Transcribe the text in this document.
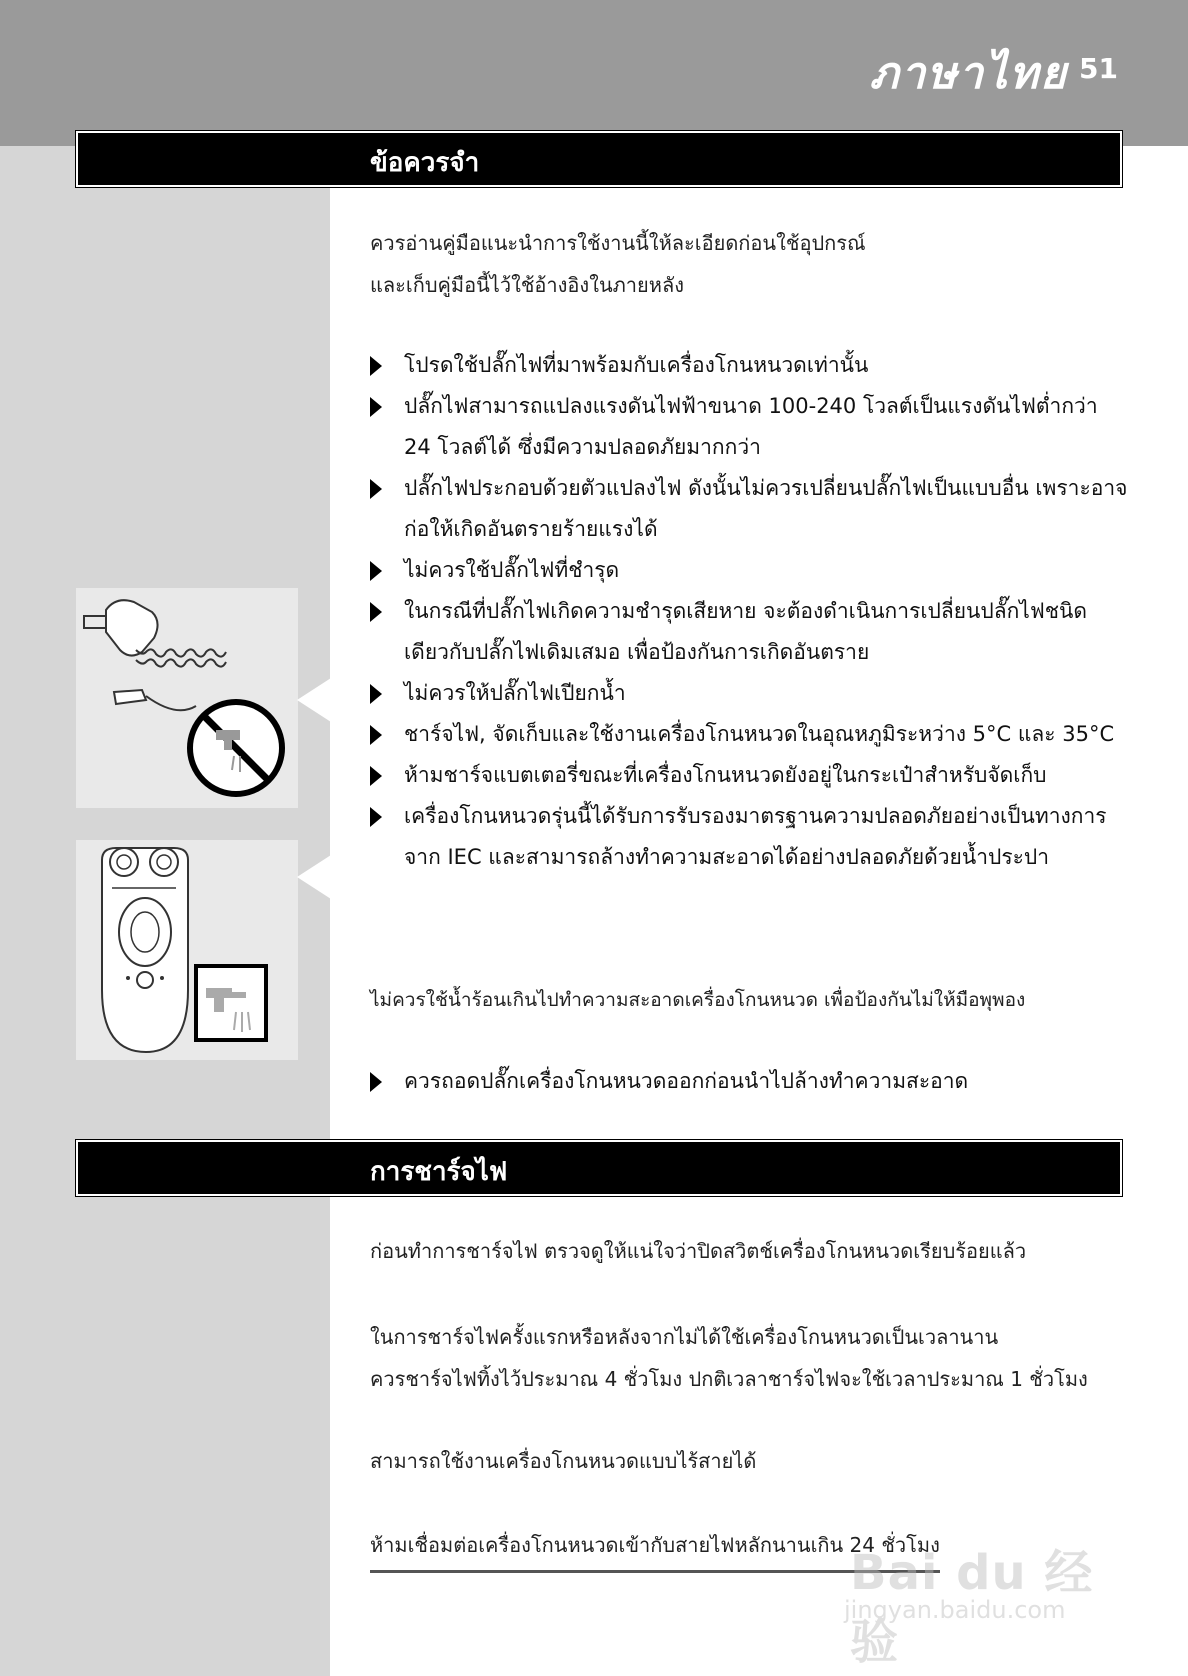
ภาษาไทย 51
ข้อควรจำ
ควรอ่านคู่มือแนะนำการใช้งานนี้ให้ละเอียดก่อนใช้อุปกรณ์
และเก็บคู่มือนี้ไว้ใช้อ้างอิงในภายหลัง
โปรดใช้ปลั๊กไฟที่มาพร้อมกับเครื่องโกนหนวดเท่านั้น
ปลั๊กไฟสามารถแปลงแรงดันไฟฟ้าขนาด 100-240 โวลต์เป็นแรงดันไฟต่ำกว่า 24 โวลต์ได้ ซึ่งมีความปลอดภัยมากกว่า
ปลั๊กไฟประกอบด้วยตัวแปลงไฟ ดังนั้นไม่ควรเปลี่ยนปลั๊กไฟเป็นแบบอื่น เพราะอาจก่อให้เกิดอันตรายร้ายแรงได้
ไม่ควรใช้ปลั๊กไฟที่ชำรุด
ในกรณีที่ปลั๊กไฟเกิดความชำรุดเสียหาย จะต้องดำเนินการเปลี่ยนปลั๊กไฟชนิดเดียวกับปลั๊กไฟเดิมเสมอ เพื่อป้องกันการเกิดอันตราย
ไม่ควรให้ปลั๊กไฟเปียกน้ำ
ชาร์จไฟ, จัดเก็บและใช้งานเครื่องโกนหนวดในอุณหภูมิระหว่าง 5°C และ 35°C
ห้ามชาร์จแบตเตอรี่ขณะที่เครื่องโกนหนวดยังอยู่ในกระเป๋าสำหรับจัดเก็บ
เครื่องโกนหนวดรุ่นนี้ได้รับการรับรองมาตรฐานความปลอดภัยอย่างเป็นทางการจาก IEC และสามารถล้างทำความสะอาดได้อย่างปลอดภัยด้วยน้ำประปา
ไม่ควรใช้น้ำร้อนเกินไปทำความสะอาดเครื่องโกนหนวด เพื่อป้องกันไม่ให้มือพุพอง
ควรถอดปลั๊กเครื่องโกนหนวดออกก่อนนำไปล้างทำความสะอาด
การชาร์จไฟ
ก่อนทำการชาร์จไฟ ตรวจดูให้แน่ใจว่าปิดสวิตช์เครื่องโกนหนวดเรียบร้อยแล้ว
ในการชาร์จไฟครั้งแรกหรือหลังจากไม่ได้ใช้เครื่องโกนหนวดเป็นเวลานาน
ควรชาร์จไฟทิ้งไว้ประมาณ 4 ชั่วโมง ปกติเวลาชาร์จไฟจะใช้เวลาประมาณ 1 ชั่วโมง
สามารถใช้งานเครื่องโกนหนวดแบบไร้สายได้
ห้ามเชื่อมต่อเครื่องโกนหนวดเข้ากับสายไฟหลักนานเกิน 24 ชั่วโมง
Bai du 经验
jingyan.baidu.com
